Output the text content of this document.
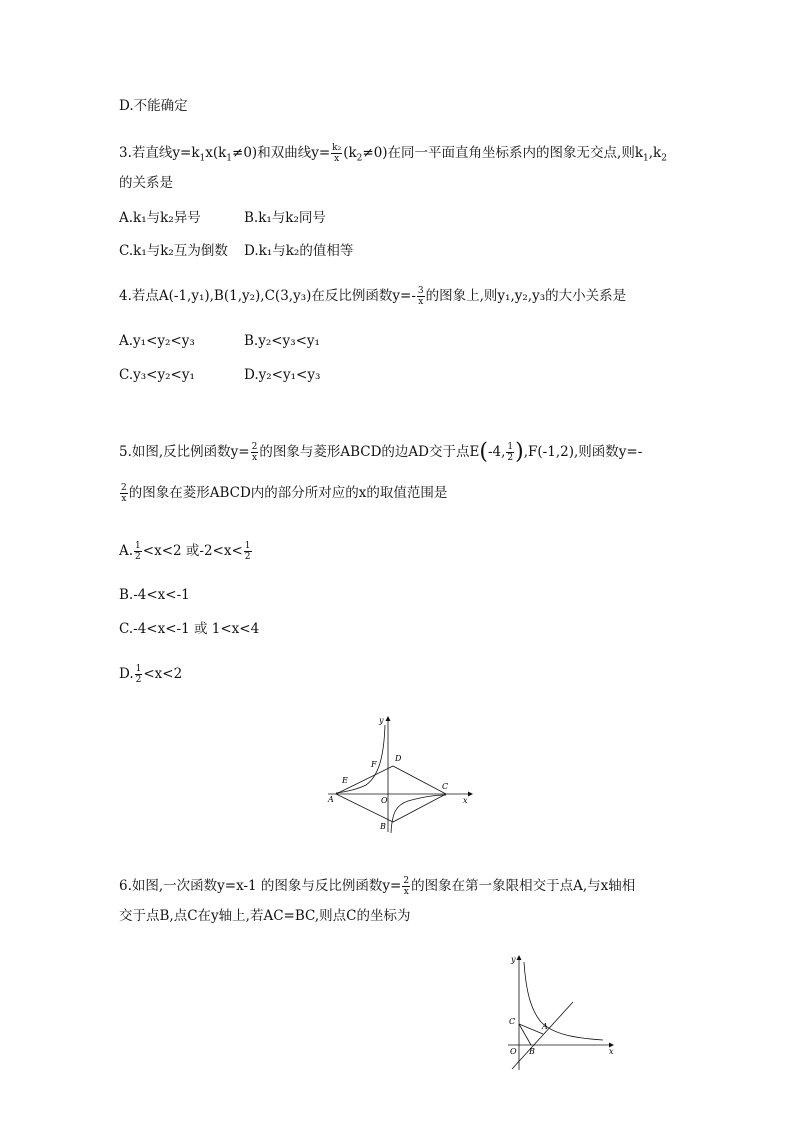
D.不能确定
3.若直线$y=k_1x(k_1\ne 0)$和双曲线$y= \frac{\text{k₂}}{x} (k_2\ne 0)$在同一平面直角坐标系内的图象无交点,则$k_1,k_2$
的关系是
A.k₁与k₂异号	B.k₁与k₂同号
C.k₁与k₂互为倒数 D.k₁与k₂的值相等
4.若点A(-1,y₁),B(1,y₂),C(3,y₃)在反比例函数$y=- \frac{3}{x}$ 的图象上,则y₁,y₂,y₃的大小关系是
A.y₁<y₂<y₃	B.y₂<y₃<y₁
C.y₃<y₂<y₁	D.y₂<y₁<y₃
5.如图,反比例函数$y= \frac{2}{x}$ 的图象与菱形ABCD的边AD交于点E(-4, $\frac{1}{2} ),F(-1,2)$,则函数y=-
$\frac{2}{x}$ 的图象在菱形ABCD内的部分所对应的x的取值范围是
A. $\frac{1}{2} <x<2$ 或$-2<x< \frac{1}{2}$
B.-4<x<-1
C.-4<x<-1 或 1<x<4
D. $\frac{1}{2} <x<2$
y
x
A
B
C
D
E
F
O
6.如图,一次函数y=x-1 的图象与反比例函数$y= \frac{2}{x}$ 的图象在第一象限相交于点A,与x轴相
交于点B,点C在y轴上,若AC=BC,则点C的坐标为
y
x
A
B
C
O
